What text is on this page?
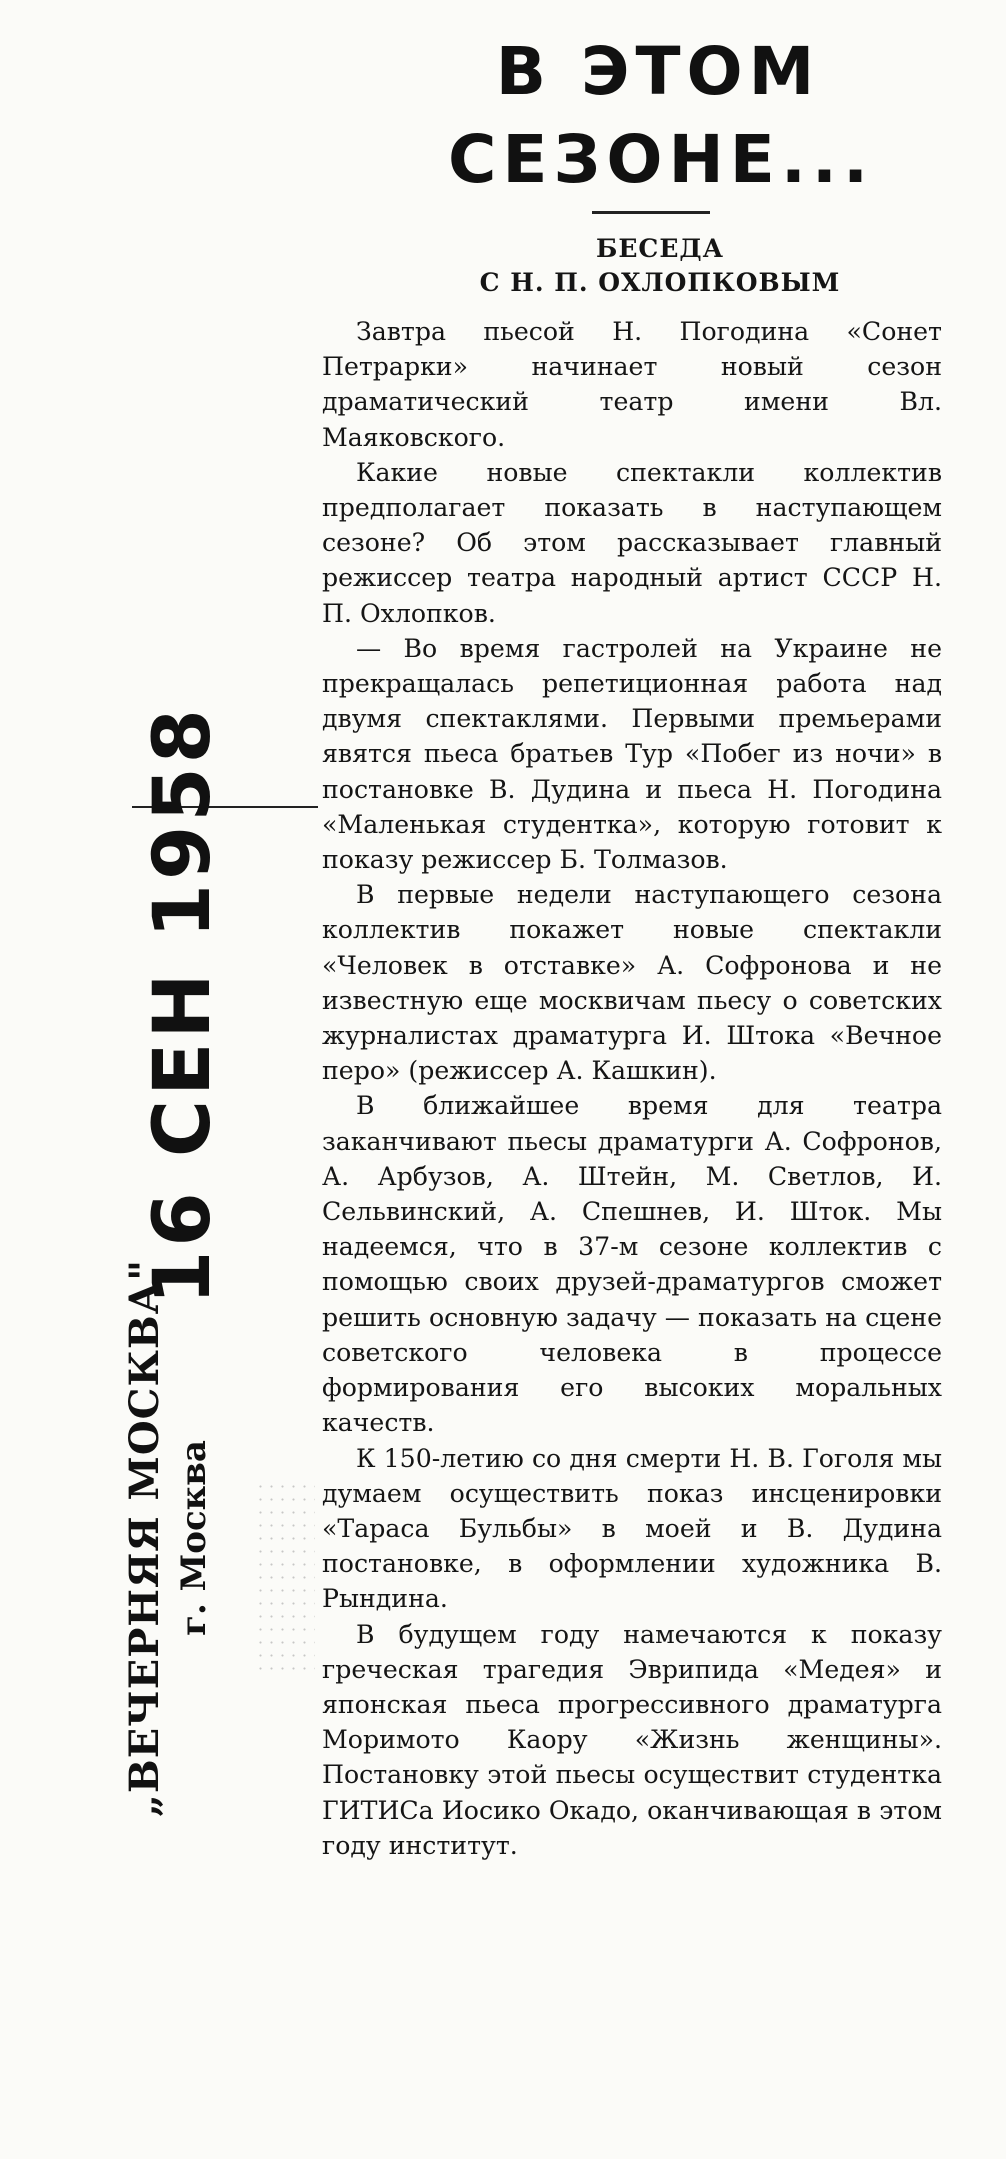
В ЭТОМ
СЕЗОНЕ...
БЕСЕДА
С Н. П. ОХЛОПКОВЫМ

Завтра пьесой Н. Погодина «Сонет Петрарки» начинает новый сезон драматический театр имени Вл. Маяковского.

Какие новые спектакли коллектив предполагает показать в наступающем сезоне? Об этом рассказывает главный режиссер театра народный артист СССР Н. П. Охлопков.

— Во время гастролей на Украине не прекращалась репетиционная работа над двумя спектаклями. Первыми премьерами явятся пьеса братьев Тур «Побег из ночи» в постановке В. Дудина и пьеса Н. Погодина «Маленькая студентка», которую готовит к показу режиссер Б. Толмазов.

В первые недели наступающего сезона коллектив покажет новые спектакли «Человек в отставке» А. Софронова и не известную еще москвичам пьесу о советских журналистах драматурга И. Штока «Вечное перо» (режиссер А. Кашкин).

В ближайшее время для театра заканчивают пьесы драматурги А. Софронов, А. Арбузов, А. Штейн, М. Светлов, И. Сельвинский, А. Спешнев, И. Шток. Мы надеемся, что в 37-м сезоне коллектив с помощью своих друзей-драматургов сможет решить основную задачу — показать на сцене советского человека в процессе формирования его высоких моральных качеств.

К 150-летию со дня смерти Н. В. Гоголя мы думаем осуществить показ инсценировки «Тараса Бульбы» в моей и В. Дудина постановке, в оформлении художника В. Рындина.

В будущем году намечаются к показу греческая трагедия Эврипида «Медея» и японская пьеса прогрессивного драматурга Моримото Каору «Жизнь женщины». Постановку этой пьесы осуществит студентка ГИТИСа Иосико Окадо, оканчивающая в этом году институт.

16 СЕН 1958
„ВЕЧЕРНЯЯ МОСКВА" г. Москва
